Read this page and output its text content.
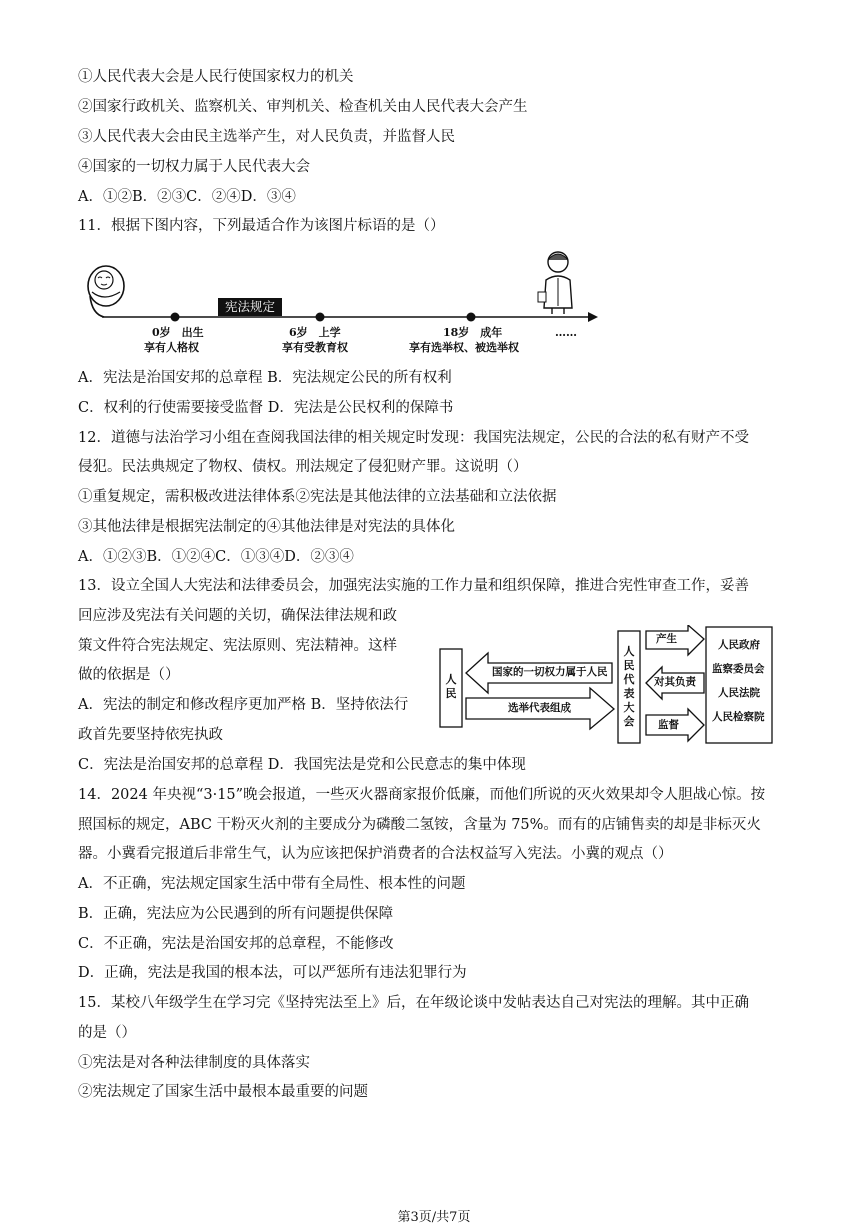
①人民代表大会是人民行使国家权力的机关
②国家行政机关、监察机关、审判机关、检查机关由人民代表大会产生
③人民代表大会由民主选举产生，对人民负责，并监督人民
④国家的一切权力属于人民代表大会
A．①②B．②③C．②④D．③④
11．根据下图内容，下列最适合作为该图片标语的是（）
宪法规定
0岁　出生
享有人格权
6岁　上学
享有受教育权
18岁　成年
享有选举权、被选举权
……
A．宪法是治国安邦的总章程 B．宪法规定公民的所有权利
C．权利的行使需要接受监督 D．宪法是公民权利的保障书
12．道德与法治学习小组在查阅我国法律的相关规定时发现：我国宪法规定，公民的合法的私有财产不受
侵犯。民法典规定了物权、债权。刑法规定了侵犯财产罪。这说明（）
①重复规定，需积极改进法律体系②宪法是其他法律的立法基础和立法依据
③其他法律是根据宪法制定的④其他法律是对宪法的具体化
A．①②③B．①②④C．①③④D．②③④
13．设立全国人大宪法和法律委员会，加强宪法实施的工作力量和组织保障，推进合宪性审查工作，妥善
回应涉及宪法有关问题的关切，确保法律法规和政
策文件符合宪法规定、宪法原则、宪法精神。这样
做的依据是（）
A．宪法的制定和修改程序更加严格 B．坚持依法行
政首先要坚持依宪执政
C．宪法是治国安邦的总章程 D．我国宪法是党和公民意志的集中体现
人民
国家的一切权力属于人民
选举代表组成
人民代表大会
产生
对其负责
监督
人民政府
监察委员会
人民法院
人民检察院
14．2024 年央视“3·15”晚会报道，一些灭火器商家报价低廉，而他们所说的灭火效果却令人胆战心惊。按
照国标的规定，ABC 干粉灭火剂的主要成分为磷酸二氢铵，含量为 75%。而有的店铺售卖的却是非标灭火
器。小冀看完报道后非常生气，认为应该把保护消费者的合法权益写入宪法。小冀的观点（）
A．不正确，宪法规定国家生活中带有全局性、根本性的问题
B．正确，宪法应为公民遇到的所有问题提供保障
C．不正确，宪法是治国安邦的总章程，不能修改
D．正确，宪法是我国的根本法，可以严惩所有违法犯罪行为
15．某校八年级学生在学习完《坚持宪法至上》后，在年级论谈中发帖表达自己对宪法的理解。其中正确
的是（）
①宪法是对各种法律制度的具体落实
②宪法规定了国家生活中最根本最重要的问题
第3页/共7页
